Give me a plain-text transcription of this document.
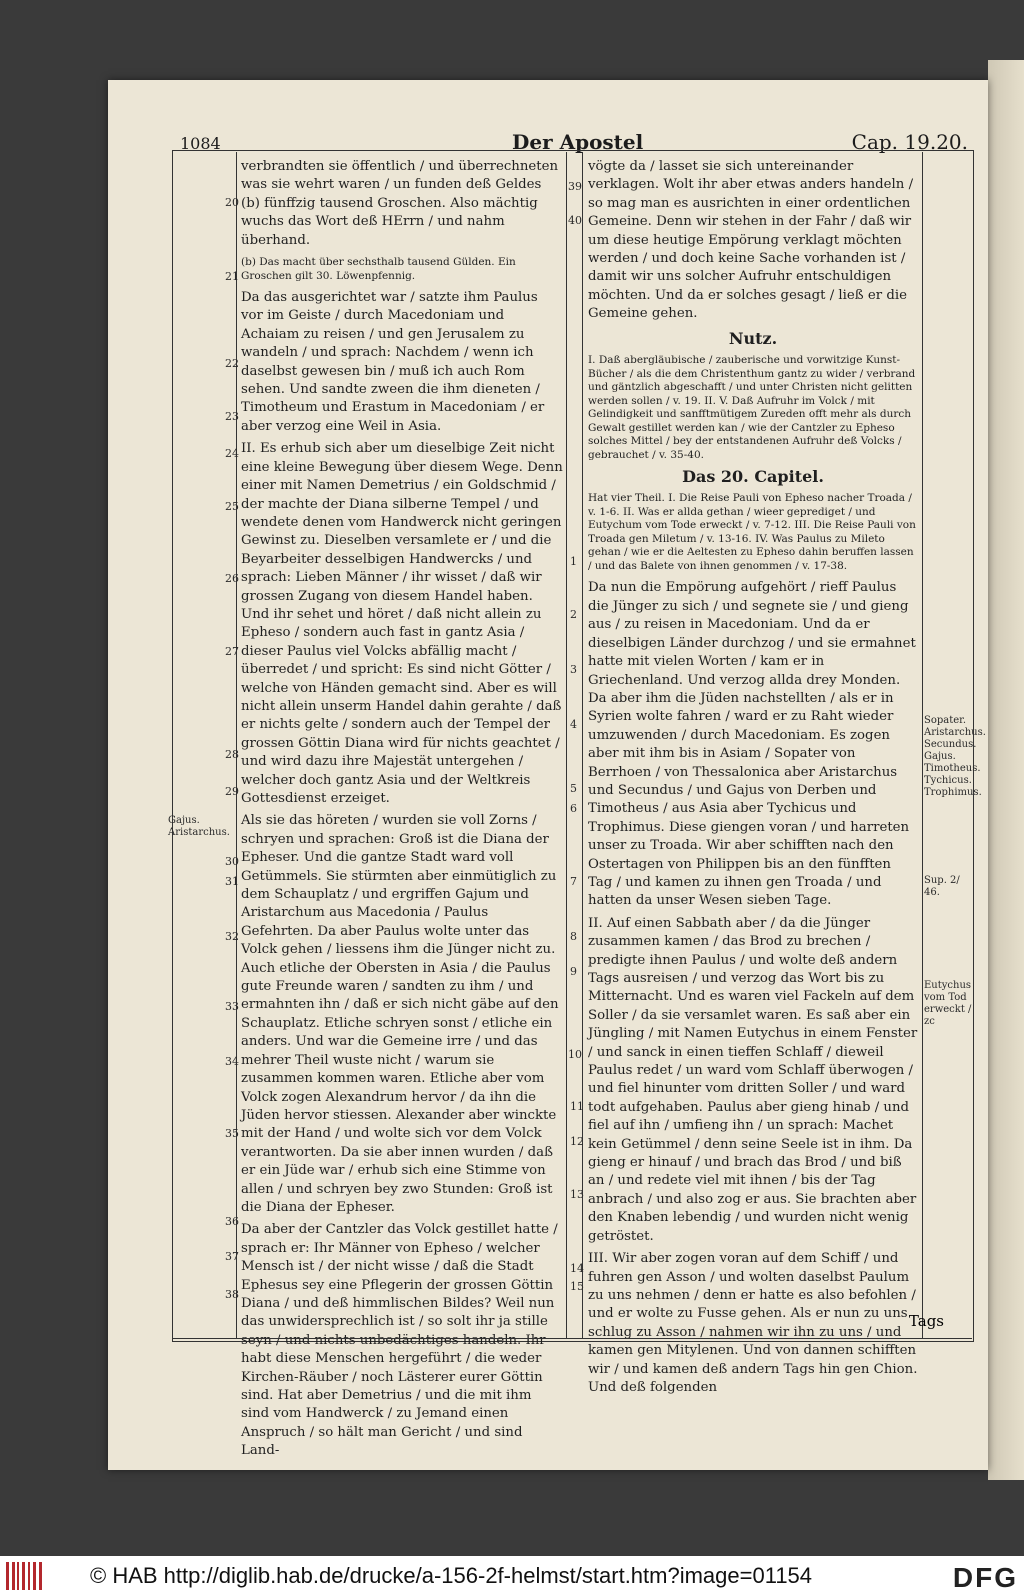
1084	Der Apostel	Cap. 19.20.
Gajus. Aristarchus.
Sopater. Aristarchus. Secundus. Gajus. Timotheus. Tychicus. Trophimus.
Sup. 2/ 46.
Eutychus vom Tod erweckt / zc
20
21
22
23
24
25
26
27
28
29
30
31
32
33
34
35
36
37
38
39
40
1
2
3
4
5
6
7
8
9
10
11
12
13
14
15

verbrandten sie öffentlich / und überrechneten was sie wehrt waren / un funden deß Geldes (b) fünffzig tausend Groschen. Also mächtig wuchs das Wort deß HErrn / und nahm überhand.

(b) Das macht über sechsthalb tausend Gülden. Ein Groschen gilt 30. Löwenpfennig.

Da das ausgerichtet war / satzte ihm Paulus vor im Geiste / durch Macedoniam und Achaiam zu reisen / und gen Jerusalem zu wandeln / und sprach: Nachdem / wenn ich daselbst gewesen bin / muß ich auch Rom sehen. Und sandte zween die ihm dieneten / Timotheum und Erastum in Macedoniam / er aber verzog eine Weil in Asia.

II. Es erhub sich aber um dieselbige Zeit nicht eine kleine Bewegung über diesem Wege. Denn einer mit Namen Demetrius / ein Goldschmid / der machte der Diana silberne Tempel / und wendete denen vom Handwerck nicht geringen Gewinst zu. Dieselben versamlete er / und die Beyarbeiter desselbigen Handwercks / und sprach: Lieben Männer / ihr wisset / daß wir grossen Zugang von diesem Handel haben. Und ihr sehet und höret / daß nicht allein zu Epheso / sondern auch fast in gantz Asia / dieser Paulus viel Volcks abfällig macht / überredet / und spricht: Es sind nicht Götter / welche von Händen gemacht sind. Aber es will nicht allein unserm Handel dahin gerahte / daß er nichts gelte / sondern auch der Tempel der grossen Göttin Diana wird für nichts geachtet / und wird dazu ihre Majestät untergehen / welcher doch gantz Asia und der Weltkreis Gottesdienst erzeiget.

Als sie das höreten / wurden sie voll Zorns / schryen und sprachen: Groß ist die Diana der Epheser. Und die gantze Stadt ward voll Getümmels. Sie stürmten aber einmütiglich zu dem Schauplatz / und ergriffen Gajum und Aristarchum aus Macedonia / Paulus Gefehrten. Da aber Paulus wolte unter das Volck gehen / liessens ihm die Jünger nicht zu. Auch etliche der Obersten in Asia / die Paulus gute Freunde waren / sandten zu ihm / und ermahnten ihn / daß er sich nicht gäbe auf den Schauplatz. Etliche schryen sonst / etliche ein anders. Und war die Gemeine irre / und das mehrer Theil wuste nicht / warum sie zusammen kommen waren. Etliche aber vom Volck zogen Alexandrum hervor / da ihn die Jüden hervor stiessen. Alexander aber winckte mit der Hand / und wolte sich vor dem Volck verantworten. Da sie aber innen wurden / daß er ein Jüde war / erhub sich eine Stimme von allen / und schryen bey zwo Stunden: Groß ist die Diana der Epheser.

Da aber der Cantzler das Volck gestillet hatte / sprach er: Ihr Männer von Epheso / welcher Mensch ist / der nicht wisse / daß die Stadt Ephesus sey eine Pflegerin der grossen Göttin Diana / und deß himmlischen Bildes? Weil nun das unwidersprechlich ist / so solt ihr ja stille seyn / und nichts unbedächtiges handeln. Ihr habt diese Menschen hergeführt / die weder Kirchen-Räuber / noch Lästerer eurer Göttin sind. Hat aber Demetrius / und die mit ihm sind vom Handwerck / zu Jemand einen Anspruch / so hält man Gericht / und sind Land-

vögte da / lasset sie sich untereinander verklagen. Wolt ihr aber etwas anders handeln / so mag man es ausrichten in einer ordentlichen Gemeine. Denn wir stehen in der Fahr / daß wir um diese heutige Empörung verklagt möchten werden / und doch keine Sache vorhanden ist / damit wir uns solcher Aufruhr entschuldigen möchten. Und da er solches gesagt / ließ er die Gemeine gehen.

Nutz.

I. Daß abergläubische / zauberische und vorwitzige Kunst-Bücher / als die dem Christenthum gantz zu wider / verbrand und gäntzlich abgeschafft / und unter Christen nicht gelitten werden sollen / v. 19. II. V. Daß Aufruhr im Volck / mit Gelindigkeit und sanfftmütigem Zureden offt mehr als durch Gewalt gestillet werden kan / wie der Cantzler zu Epheso solches Mittel / bey der entstandenen Aufruhr deß Volcks / gebrauchet / v. 35-40.

Das 20. Capitel.

Hat vier Theil. I. Die Reise Pauli von Epheso nacher Troada / v. 1-6. II. Was er allda gethan / wieer geprediget / und Eutychum vom Tode erweckt / v. 7-12. III. Die Reise Pauli von Troada gen Miletum / v. 13-16. IV. Was Paulus zu Mileto gehan / wie er die Aeltesten zu Epheso dahin beruffen lassen / und das Balete von ihnen genommen / v. 17-38.

Da nun die Empörung aufgehört / rieff Paulus die Jünger zu sich / und segnete sie / und gieng aus / zu reisen in Macedoniam. Und da er dieselbigen Länder durchzog / und sie ermahnet hatte mit vielen Worten / kam er in Griechenland. Und verzog allda drey Monden. Da aber ihm die Jüden nachstellten / als er in Syrien wolte fahren / ward er zu Raht wieder umzuwenden / durch Macedoniam. Es zogen aber mit ihm bis in Asiam / Sopater von Berrhoen / von Thessalonica aber Aristarchus und Secundus / und Gajus von Derben und Timotheus / aus Asia aber Tychicus und Trophimus. Diese giengen voran / und harreten unser zu Troada. Wir aber schifften nach den Ostertagen von Philippen bis an den fünfften Tag / und kamen zu ihnen gen Troada / und hatten da unser Wesen sieben Tage.

II. Auf einen Sabbath aber / da die Jünger zusammen kamen / das Brod zu brechen / predigte ihnen Paulus / und wolte deß andern Tags ausreisen / und verzog das Wort bis zu Mitternacht. Und es waren viel Fackeln auf dem Soller / da sie versamlet waren. Es saß aber ein Jüngling / mit Namen Eutychus in einem Fenster / und sanck in einen tieffen Schlaff / dieweil Paulus redet / un ward vom Schlaff überwogen / und fiel hinunter vom dritten Soller / und ward todt aufgehaben. Paulus aber gieng hinab / und fiel auf ihn / umfieng ihn / un sprach: Machet kein Getümmel / denn seine Seele ist in ihm. Da gieng er hinauf / und brach das Brod / und biß an / und redete viel mit ihnen / bis der Tag anbrach / und also zog er aus. Sie brachten aber den Knaben lebendig / und wurden nicht wenig getröstet.

III. Wir aber zogen voran auf dem Schiff / und fuhren gen Asson / und wolten daselbst Paulum zu uns nehmen / denn er hatte es also befohlen / und er wolte zu Fusse gehen. Als er nun zu uns schlug zu Asson / nahmen wir ihn zu uns / und kamen gen Mitylenen. Und von dannen schifften wir / und kamen deß andern Tags hin gen Chion. Und deß folgenden

Tags
© HAB http://diglib.hab.de/drucke/a-156-2f-helmst/start.htm?image=01154	DFG
